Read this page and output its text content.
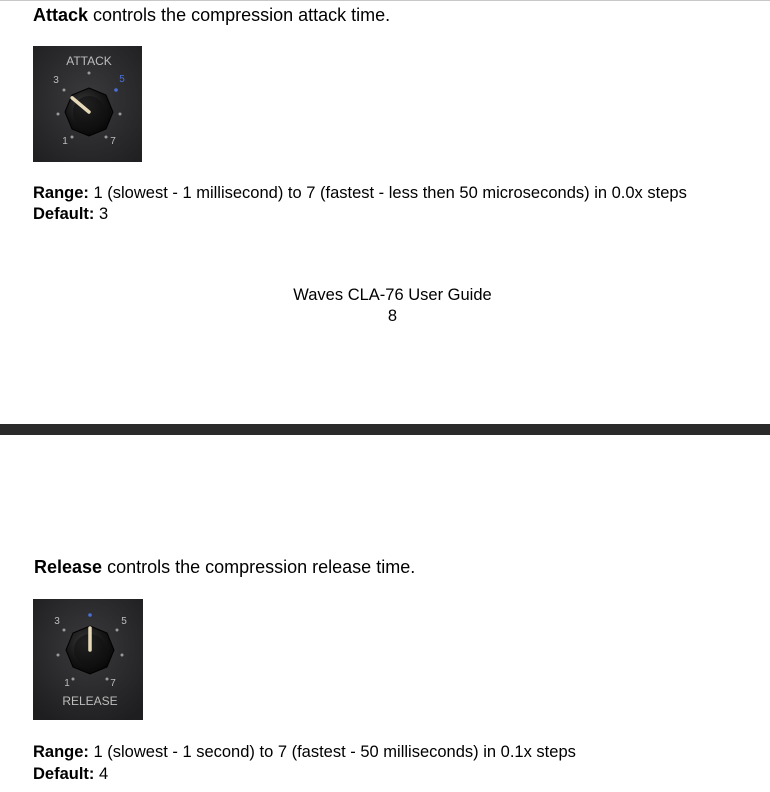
Attack controls the compression attack time.
ATTACK
3	5
1	7
Range: 1 (slowest - 1 millisecond) to 7 (fastest - less then 50 microseconds) in 0.0x steps
Default: 3
Waves CLA-76 User Guide
8
Release controls the compression release time.
3	5
1	7
RELEASE
Range: 1 (slowest - 1 second) to 7 (fastest - 50 milliseconds) in 0.1x steps
Default: 4
